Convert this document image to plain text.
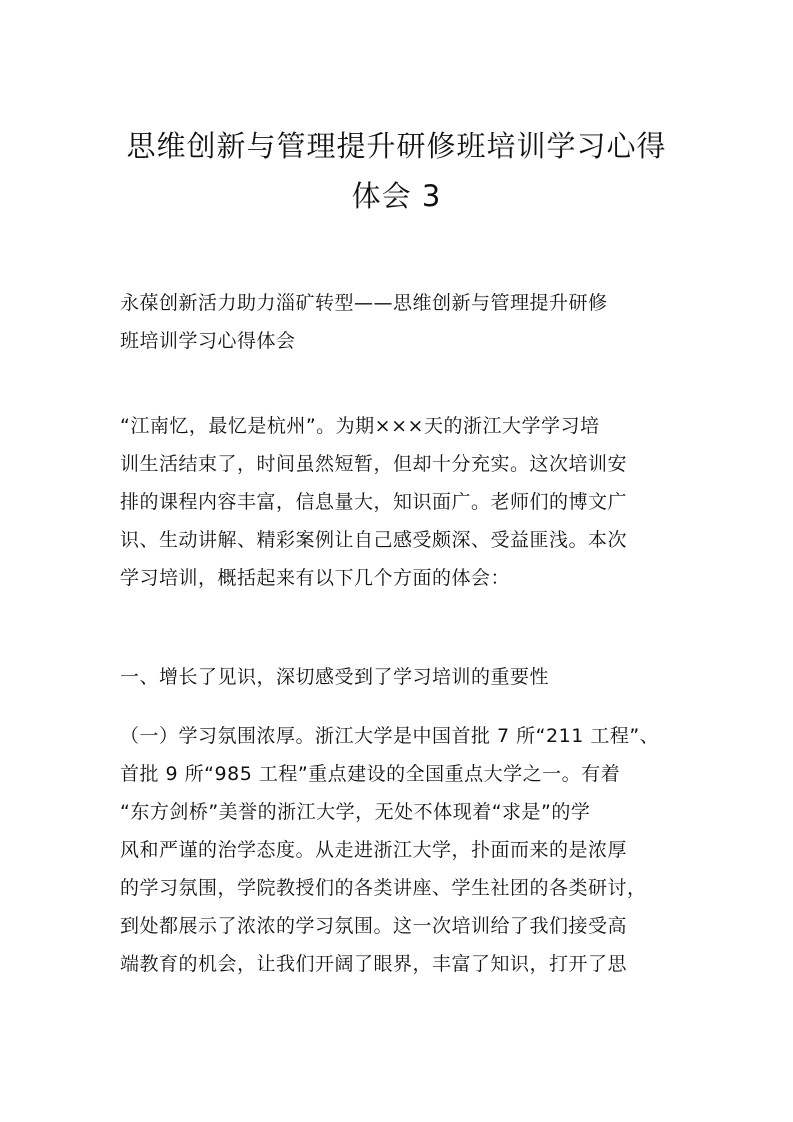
思维创新与管理提升研修班培训学习心得
体会 3

永葆创新活力助力淄矿转型——思维创新与管理提升研修
班培训学习心得体会

“江南忆，最忆是杭州”。为期×××天的浙江大学学习培
训生活结束了，时间虽然短暂，但却十分充实。这次培训安
排的课程内容丰富，信息量大，知识面广。老师们的博文广
识、生动讲解、精彩案例让自己感受颇深、受益匪浅。本次
学习培训，概括起来有以下几个方面的体会：

一、增长了见识，深切感受到了学习培训的重要性

（一）学习氛围浓厚。浙江大学是中国首批 7 所“211 工程”、
首批 9 所“985 工程”重点建设的全国重点大学之一。有着
“东方剑桥”美誉的浙江大学，无处不体现着“求是”的学
风和严谨的治学态度。从走进浙江大学，扑面而来的是浓厚
的学习氛围，学院教授们的各类讲座、学生社团的各类研讨，
到处都展示了浓浓的学习氛围。这一次培训给了我们接受高
端教育的机会，让我们开阔了眼界，丰富了知识，打开了思
